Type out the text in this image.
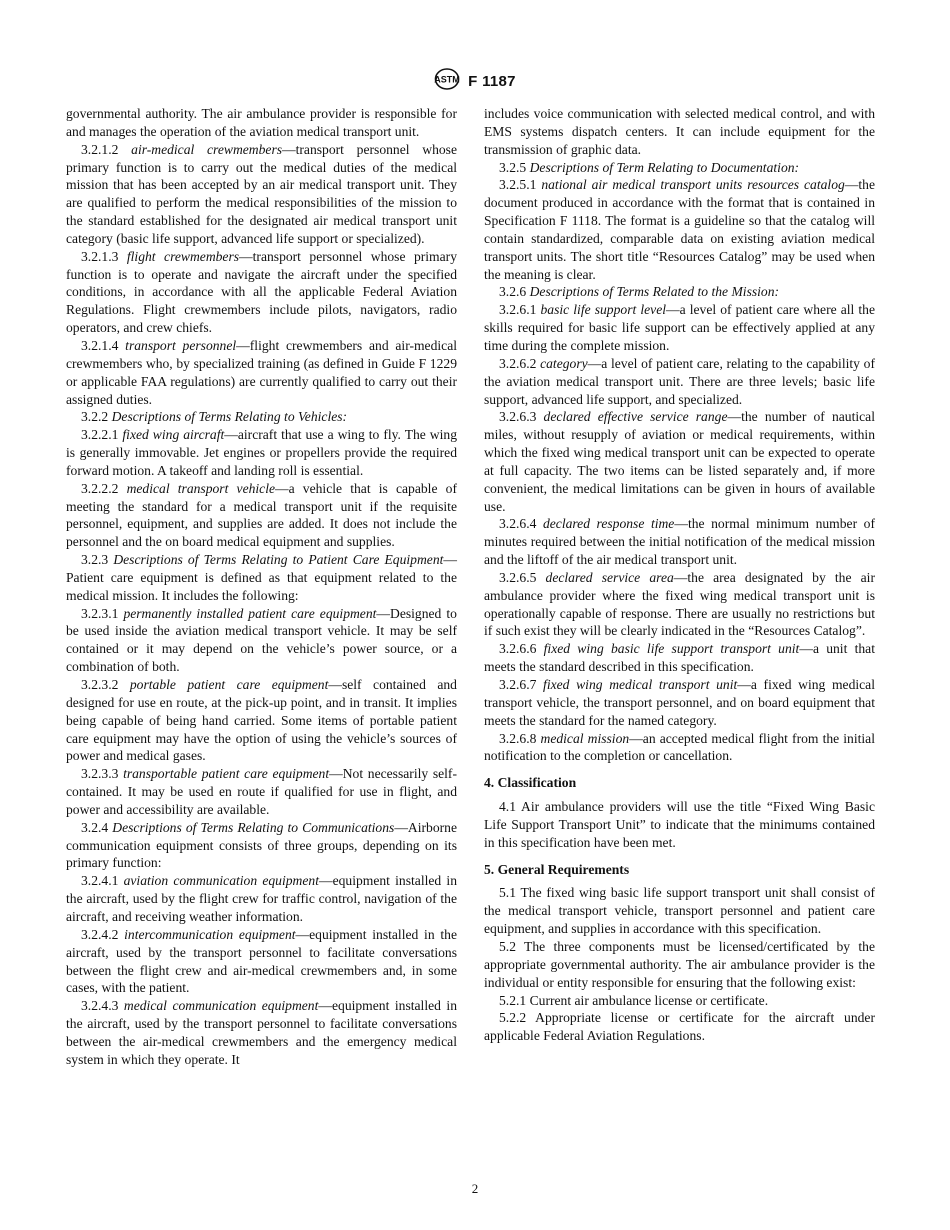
ASTM F 1187

governmental authority. The air ambulance provider is responsible for and manages the operation of the aviation medical transport unit.

3.2.1.2 air-medical crewmembers—transport personnel whose primary function is to carry out the medical duties of the medical mission that has been accepted by an air medical transport unit. They are qualified to perform the medical responsibilities of the mission to the standard established for the designated air medical transport unit category (basic life support, advanced life support or specialized).

3.2.1.3 flight crewmembers—transport personnel whose primary function is to operate and navigate the aircraft under the specified conditions, in accordance with all the applicable Federal Aviation Regulations. Flight crewmembers include pilots, navigators, radio operators, and crew chiefs.

3.2.1.4 transport personnel—flight crewmembers and air-medical crewmembers who, by specialized training (as defined in Guide F 1229 or applicable FAA regulations) are currently qualified to carry out their assigned duties.

3.2.2 Descriptions of Terms Relating to Vehicles:

3.2.2.1 fixed wing aircraft—aircraft that use a wing to fly. The wing is generally immovable. Jet engines or propellers provide the required forward motion. A takeoff and landing roll is essential.

3.2.2.2 medical transport vehicle—a vehicle that is capable of meeting the standard for a medical transport unit if the requisite personnel, equipment, and supplies are added. It does not include the personnel and the on board medical equipment and supplies.

3.2.3 Descriptions of Terms Relating to Patient Care Equipment—Patient care equipment is defined as that equipment related to the medical mission. It includes the following:

3.2.3.1 permanently installed patient care equipment—Designed to be used inside the aviation medical transport vehicle. It may be self contained or it may depend on the vehicle’s power source, or a combination of both.

3.2.3.2 portable patient care equipment—self contained and designed for use en route, at the pick-up point, and in transit. It implies being capable of being hand carried. Some items of portable patient care equipment may have the option of using the vehicle’s sources of power and medical gases.

3.2.3.3 transportable patient care equipment—Not necessarily self-contained. It may be used en route if qualified for use in flight, and power and accessibility are available.

3.2.4 Descriptions of Terms Relating to Communications—Airborne communication equipment consists of three groups, depending on its primary function:

3.2.4.1 aviation communication equipment—equipment installed in the aircraft, used by the flight crew for traffic control, navigation of the aircraft, and receiving weather information.

3.2.4.2 intercommunication equipment—equipment installed in the aircraft, used by the transport personnel to facilitate conversations between the flight crew and air-medical crewmembers and, in some cases, with the patient.

3.2.4.3 medical communication equipment—equipment installed in the aircraft, used by the transport personnel to facilitate conversations between the air-medical crewmembers and the emergency medical system in which they operate. It

includes voice communication with selected medical control, and with EMS systems dispatch centers. It can include equipment for the transmission of graphic data.

3.2.5 Descriptions of Term Relating to Documentation:

3.2.5.1 national air medical transport units resources catalog—the document produced in accordance with the format that is contained in Specification F 1118. The format is a guideline so that the catalog will contain standardized, comparable data on existing aviation medical transport units. The short title “Resources Catalog” may be used when the meaning is clear.

3.2.6 Descriptions of Terms Related to the Mission:

3.2.6.1 basic life support level—a level of patient care where all the skills required for basic life support can be effectively applied at any time during the complete mission.

3.2.6.2 category—a level of patient care, relating to the capability of the aviation medical transport unit. There are three levels; basic life support, advanced life support, and specialized.

3.2.6.3 declared effective service range—the number of nautical miles, without resupply of aviation or medical requirements, within which the fixed wing medical transport unit can be expected to operate at full capacity. The two items can be listed separately and, if more convenient, the medical limitations can be given in hours of available use.

3.2.6.4 declared response time—the normal minimum number of minutes required between the initial notification of the medical mission and the liftoff of the air medical transport unit.

3.2.6.5 declared service area—the area designated by the air ambulance provider where the fixed wing medical transport unit is operationally capable of response. There are usually no restrictions but if such exist they will be clearly indicated in the “Resources Catalog”.

3.2.6.6 fixed wing basic life support transport unit—a unit that meets the standard described in this specification.

3.2.6.7 fixed wing medical transport unit—a fixed wing medical transport vehicle, the transport personnel, and on board equipment that meets the standard for the named category.

3.2.6.8 medical mission—an accepted medical flight from the initial notification to the completion or cancellation.

4. Classification

4.1 Air ambulance providers will use the title “Fixed Wing Basic Life Support Transport Unit” to indicate that the minimums contained in this specification have been met.

5. General Requirements

5.1 The fixed wing basic life support transport unit shall consist of the medical transport vehicle, transport personnel and patient care equipment, and supplies in accordance with this specification.

5.2 The three components must be licensed/certificated by the appropriate governmental authority. The air ambulance provider is the individual or entity responsible for ensuring that the following exist:

5.2.1 Current air ambulance license or certificate.

5.2.2 Appropriate license or certificate for the aircraft under applicable Federal Aviation Regulations.

2
